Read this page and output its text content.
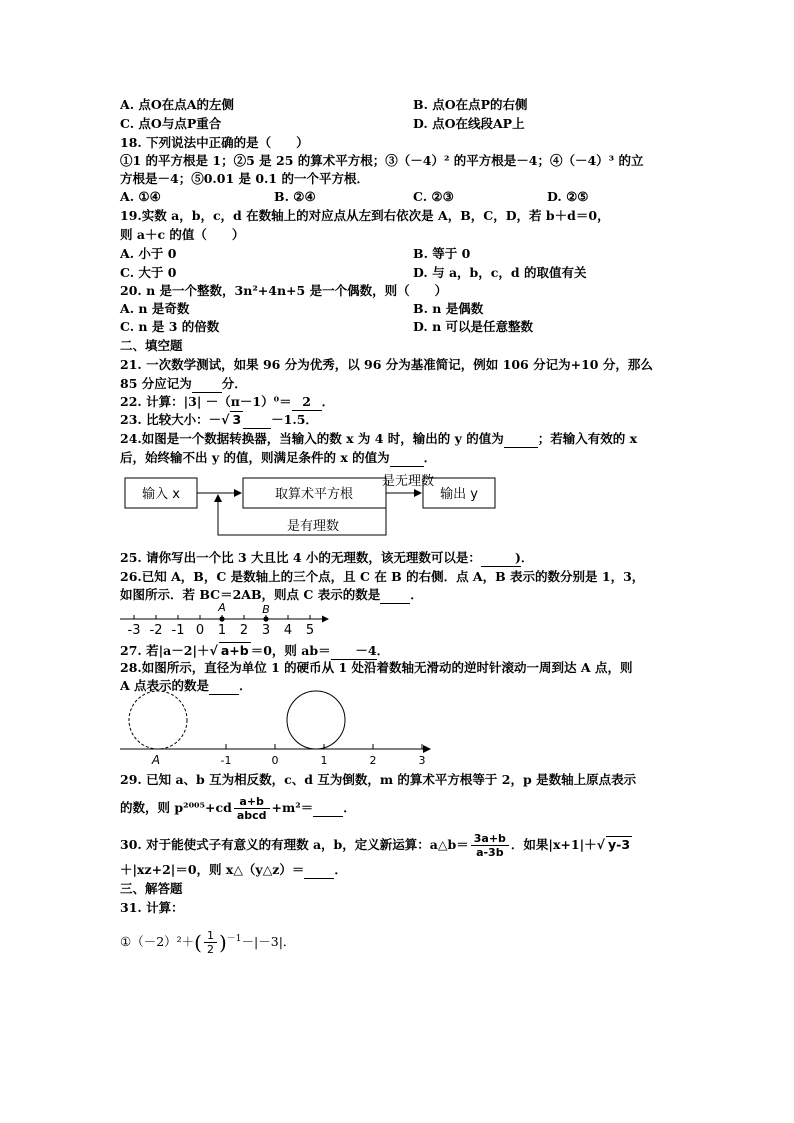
A. 点O在点A的左侧	B. 点O在点P的右侧
C. 点O与点P重合	D. 点O在线段AP上
18. 下列说法中正确的是（　　）
①1 的平方根是 1；②5 是 25 的算术平方根；③（－4）² 的平方根是－4；④（－4）³ 的立
方根是－4；⑤0.01 是 0.1 的一个平方根．
A. ①④	B. ②④	C. ②③	D. ②⑤
19.实数 a，b，c，d 在数轴上的对应点从左到右依次是 A，B，C，D，若 b＋d＝0，
则 a＋c 的值（　　）
A. 小于 0	B. 等于 0
C. 大于 0	D. 与 a，b，c，d 的取值有关
20. n 是一个整数，3n²+4n+5 是一个偶数，则（　　）
A. n 是奇数	B. n 是偶数
C. n 是 3 的倍数	D. n 可以是任意整数
二、填空题
21. 一次数学测试，如果 96 分为优秀，以 96 分为基准简记，例如 106 分记为+10 分，那么
85 分应记为 分．
22. 计算：|3| －（π－1）⁰＝ 2 ．
23. 比较大小：－√ 3 －1.5．
24.如图是一个数据转换器，当输入的数 x 为 4 时，输出的 y 的值为	；若输入有效的 x
后，始终输不出 y 的值，则满足条件的 x 的值为	．
输入 x	取算术平方根	输出 y
是无理数
是有理数
25. 请你写出一个比 3 大且比 4 小的无理数，该无理数可以是：	)．
26.已知 A，B，C 是数轴上的三个点，且 C 在 B 的右侧．点 A，B 表示的数分别是 1，3，
如图所示．若 BC＝2AB，则点 C 表示的数是 ．
-3 -2 -1 0 1 2 3 4 5
A	B
27. 若|a－2|＋√ a+b ＝0，则 ab＝ －4．
28.如图所示，直径为单位 1 的硬币从 1 处沿着数轴无滑动的逆时针滚动一周到达 A 点，则
A 点表示的数是 ．
-1	0	1	2	3
A
29. 已知 a、b 互为相反数，c、d 互为倒数，m 的算术平方根等于 2，p 是数轴上原点表示
的数，则 $p^{2005}+cd \frac{a+b}{\text{abcd}} +m^2=$ ．
30. 对于能使式子有意义的有理数 a，b，定义新运算：a△b＝ $\frac{3a+b}{a-3b}$ ．如果|x+1|＋√ y-3
＋|xz+2|＝0，则 x△（y△z）＝ ．
三、解答题
31. 计算：
①（－2）²＋( $\frac{1}{2} )^{-1}-|-3|$．
